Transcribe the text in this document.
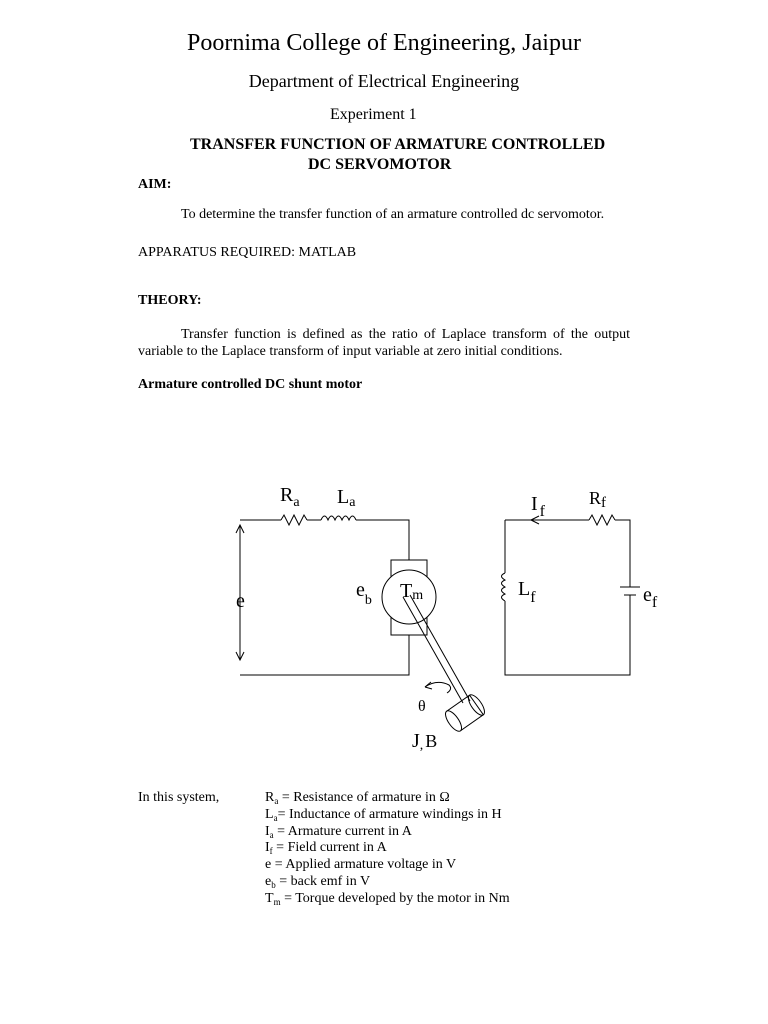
Poornima College of Engineering, Jaipur
Department of Electrical Engineering
Experiment 1
TRANSFER FUNCTION OF ARMATURE CONTROLLED
DC SERVOMOTOR
AIM:
To determine the transfer function of an armature controlled dc servomotor.
APPARATUS REQUIRED: MATLAB
THEORY:
Transfer function is defined as the ratio of Laplace transform of the output
variable to the Laplace transform of input variable at zero initial conditions.
Armature controlled DC shunt motor
$R_a$ La
e	$e_b$ Tm
θ
J, B
I $_f$
Rf
$L_f$	$e_f$
In this system,	$R_a$ = Resistance of armature in Ω
$L_a=$ Inductance of armature windings in H
$I_a$ = Armature current in A
$I_f$ = Field current in A
e = Applied armature voltage in V
$e_b$ = back emf in V
$T_m$ = Torque developed by the motor in Nm
